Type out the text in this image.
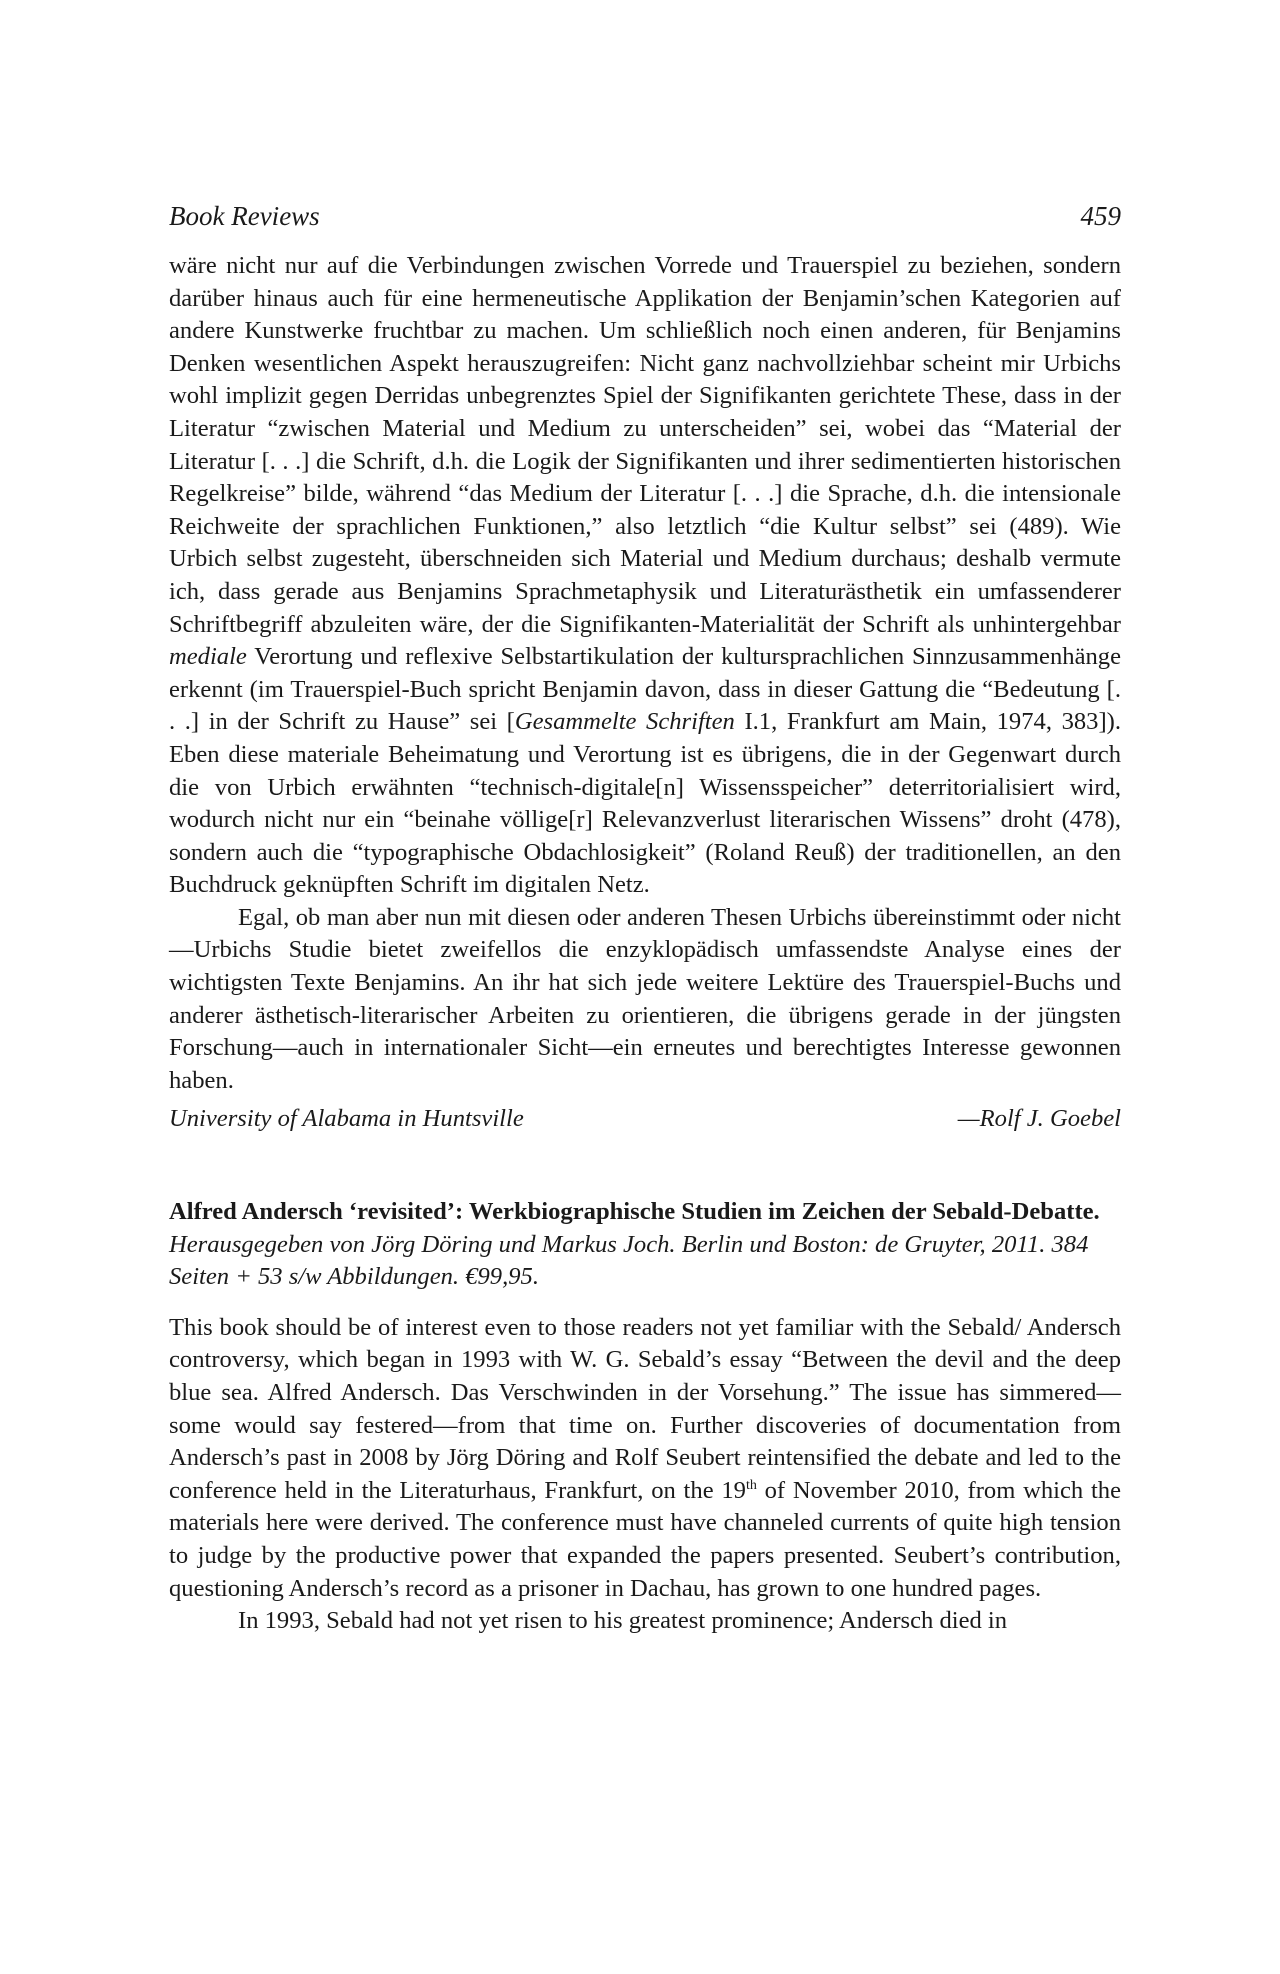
Book Reviews	459

wäre nicht nur auf die Verbindungen zwischen Vorrede und Trauerspiel zu beziehen, sondern darüber hinaus auch für eine hermeneutische Applikation der Benjamin’schen Kategorien auf andere Kunstwerke fruchtbar zu machen. Um schließlich noch einen anderen, für Benjamins Denken wesentlichen Aspekt herauszugreifen: Nicht ganz nachvollziehbar scheint mir Urbichs wohl implizit gegen Derridas unbegrenztes Spiel der Signifikanten gerichtete These, dass in der Literatur “zwischen Material und Medium zu unterscheiden” sei, wobei das “Material der Literatur [. . .] die Schrift, d.h. die Logik der Signifikanten und ihrer sedimentierten historischen Regelkreise” bilde, während “das Medium der Literatur [. . .] die Sprache, d.h. die intensionale Reichweite der sprachlichen Funktionen,” also letztlich “die Kultur selbst” sei (489). Wie Urbich selbst zugesteht, überschneiden sich Material und Medium durchaus; deshalb vermute ich, dass gerade aus Benjamins Sprachmetaphysik und Literaturästhetik ein umfassenderer Schriftbegriff abzuleiten wäre, der die Signifikanten-Materialität der Schrift als unhintergehbar mediale Verortung und reflexive Selbstartikulation der kultursprachlichen Sinnzusammenhänge erkennt (im Trauerspiel-Buch spricht Benjamin davon, dass in dieser Gattung die “Bedeutung [. . .] in der Schrift zu Hause” sei [Gesammelte Schriften I.1, Frankfurt am Main, 1974, 383]). Eben diese materiale Beheimatung und Verortung ist es übrigens, die in der Gegenwart durch die von Urbich erwähnten “technisch-digitale[n] Wissensspeicher” deterritorialisiert wird, wodurch nicht nur ein “beinahe völlige[r] Relevanzverlust literarischen Wissens” droht (478), sondern auch die “typographische Obdachlosigkeit” (Roland Reuß) der traditionellen, an den Buchdruck geknüpften Schrift im digitalen Netz.

Egal, ob man aber nun mit diesen oder anderen Thesen Urbichs übereinstimmt oder nicht—Urbichs Studie bietet zweifellos die enzyklopädisch umfassendste Analyse eines der wichtigsten Texte Benjamins. An ihr hat sich jede weitere Lektüre des Trauerspiel-Buchs und anderer ästhetisch-literarischer Arbeiten zu orientieren, die übrigens gerade in der jüngsten Forschung—auch in internationaler Sicht—ein erneutes und berechtigtes Interesse gewonnen haben.

University of Alabama in Huntsville	—Rolf J. Goebel

Alfred Andersch ‘revisited’: Werkbiographische Studien im Zeichen der Sebald-Debatte.

Herausgegeben von Jörg Döring und Markus Joch. Berlin und Boston: de Gruyter, 2011. 384 Seiten + 53 s/w Abbildungen. €99,95.

This book should be of interest even to those readers not yet familiar with the Sebald/ Andersch controversy, which began in 1993 with W. G. Sebald’s essay “Between the devil and the deep blue sea. Alfred Andersch. Das Verschwinden in der Vorsehung.” The issue has simmered—some would say festered—from that time on. Further discoveries of documentation from Andersch’s past in 2008 by Jörg Döring and Rolf Seubert reintensified the debate and led to the conference held in the Literaturhaus, Frankfurt, on the 19th of November 2010, from which the materials here were derived. The conference must have channeled currents of quite high tension to judge by the productive power that expanded the papers presented. Seubert’s contribution, questioning Andersch’s record as a prisoner in Dachau, has grown to one hundred pages.

In 1993, Sebald had not yet risen to his greatest prominence; Andersch died in
